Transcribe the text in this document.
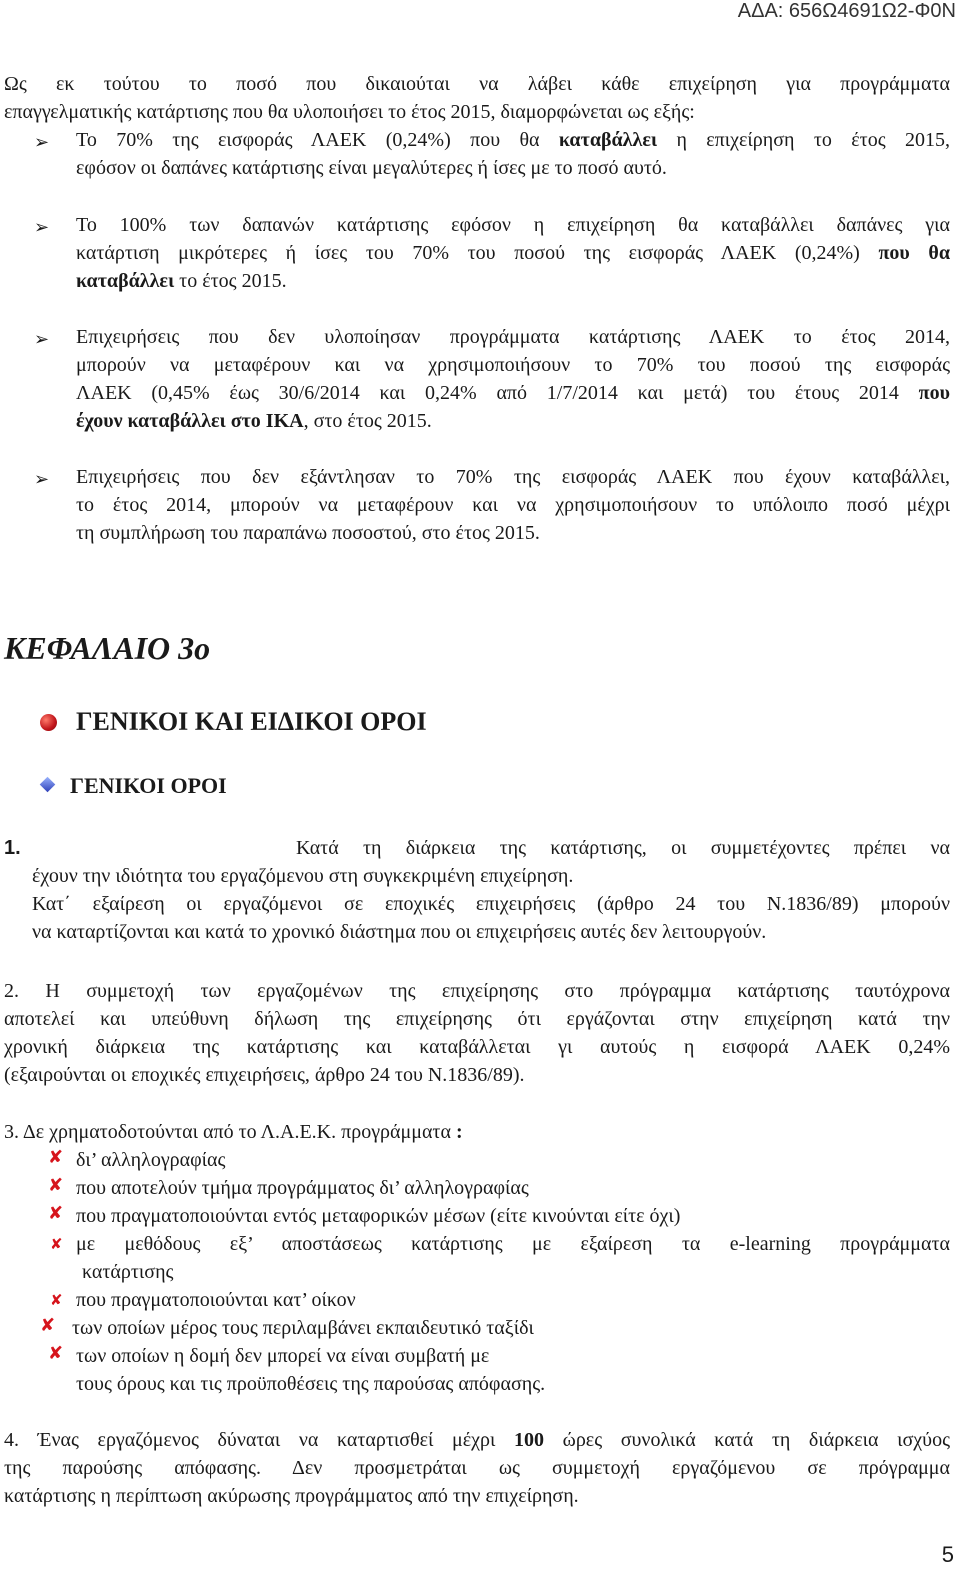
ΑΔΑ: 656Ω4691Ω2-Φ0Ν
Ως εκ τούτου το ποσό που δικαιούται να λάβει κάθε επιχείρηση για προγράμματα
επαγγελματικής κατάρτισης που θα υλοποιήσει το έτος 2015, διαμορφώνεται ως εξής:
➢ Το 70% της εισφοράς ΛΑΕΚ (0,24%) που θα καταβάλλει η επιχείρηση το έτος 2015,
εφόσον οι δαπάνες κατάρτισης είναι μεγαλύτερες ή ίσες με το ποσό αυτό.
➢ Το 100% των δαπανών κατάρτισης εφόσον η επιχείρηση θα καταβάλλει δαπάνες για
κατάρτιση μικρότερες ή ίσες του 70% του ποσού της εισφοράς ΛΑΕΚ (0,24%) που θα
καταβάλλει το έτος 2015.
➢ Επιχειρήσεις που δεν υλοποίησαν προγράμματα κατάρτισης ΛΑΕΚ το έτος 2014,
μπορούν να μεταφέρουν και να χρησιμοποιήσουν το 70% του ποσού της εισφοράς
ΛΑΕΚ (0,45% έως 30/6/2014 και 0,24% από 1/7/2014 και μετά) του έτους 2014 που
έχουν καταβάλλει στο ΙΚΑ, στο έτος 2015.
➢ Επιχειρήσεις που δεν εξάντλησαν το 70% της εισφοράς ΛΑΕΚ που έχουν καταβάλλει,
το έτος 2014, μπορούν να μεταφέρουν και να χρησιμοποιήσουν το υπόλοιπο ποσό μέχρι
τη συμπλήρωση του παραπάνω ποσοστού, στο έτος 2015.
ΚΕΦΑΛΑΙΟ 3ο
ΓΕΝΙΚΟΙ ΚΑΙ ΕΙΔΙΚΟΙ ΟΡΟΙ
ΓΕΝΙΚΟΙ ΟΡΟΙ
1.	Κατά τη διάρκεια της κατάρτισης, οι συμμετέχοντες πρέπει να
έχουν την ιδιότητα του εργαζόμενου στη συγκεκριμένη επιχείρηση.
Κατ΄ εξαίρεση οι εργαζόμενοι σε εποχικές επιχειρήσεις (άρθρο 24 του Ν.1836/89) μπορούν
να καταρτίζονται και κατά το χρονικό διάστημα που οι επιχειρήσεις αυτές δεν λειτουργούν.
2. Η συμμετοχή των εργαζομένων της επιχείρησης στο πρόγραμμα κατάρτισης ταυτόχρονα
αποτελεί και υπεύθυνη δήλωση της επιχείρησης ότι εργάζονται στην επιχείρηση κατά την
χρονική διάρκεια της κατάρτισης και καταβάλλεται γι αυτούς η εισφορά ΛΑΕΚ 0,24%
(εξαιρούνται οι εποχικές επιχειρήσεις, άρθρο 24 του Ν.1836/89).
3. Δε χρηματοδοτούνται από το Λ.Α.Ε.Κ. προγράμματα :
✘ δι’ αλληλογραφίας
✘ που αποτελούν τμήμα προγράμματος δι’ αλληλογραφίας
✘ που πραγματοποιούνται εντός μεταφορικών μέσων (είτε κινούνται είτε όχι)
✘ με μεθόδους εξ’ αποστάσεως κατάρτισης με εξαίρεση τα e-learning προγράμματα
κατάρτισης
✘ που πραγματοποιούνται κατ’ οίκον
✘ των οποίων μέρος τους περιλαμβάνει εκπαιδευτικό ταξίδι
✘ των οποίων η δομή δεν μπορεί να είναι συμβατή με
τους όρους και τις προϋποθέσεις της παρούσας απόφασης.
4. Ένας εργαζόμενος δύναται να καταρτισθεί μέχρι 100 ώρες συνολικά κατά τη διάρκεια ισχύος
της παρούσης απόφασης. Δεν προσμετράται ως συμμετοχή εργαζόμενου σε πρόγραμμα
κατάρτισης η περίπτωση ακύρωσης προγράμματος από την επιχείρηση.
5
